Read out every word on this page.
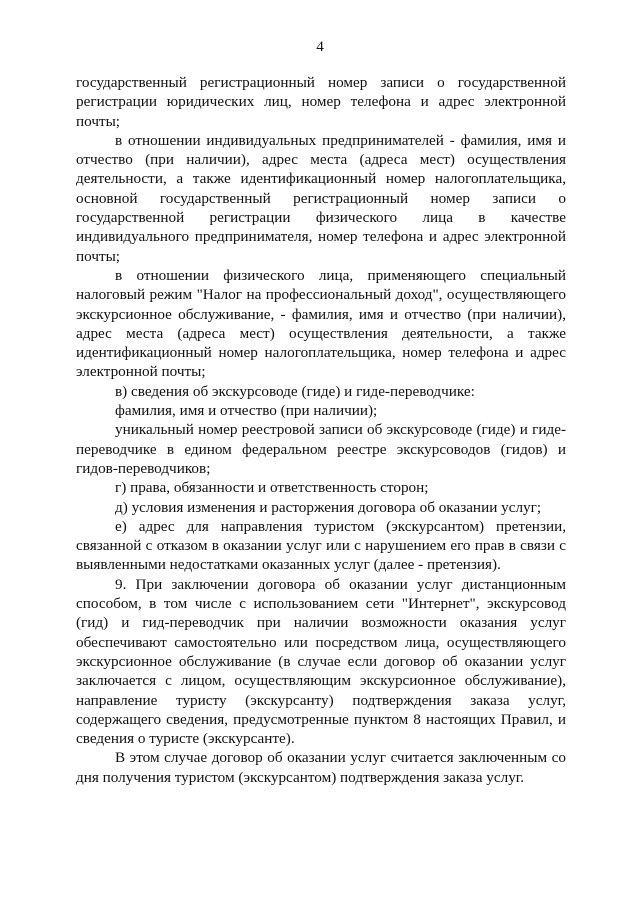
4

государственный регистрационный номер записи о государственной регистрации юридических лиц, номер телефона и адрес электронной почты;

в отношении индивидуальных предпринимателей - фамилия, имя и отчество (при наличии), адрес места (адреса мест) осуществления деятельности, а также идентификационный номер налогоплательщика, основной государственный регистрационный номер записи о государственной регистрации физического лица в качестве индивидуального предпринимателя, номер телефона и адрес электронной почты;

в отношении физического лица, применяющего специальный налоговый режим "Налог на профессиональный доход", осуществляющего экскурсионное обслуживание, - фамилия, имя и отчество (при наличии), адрес места (адреса мест) осуществления деятельности, а также идентификационный номер налогоплательщика, номер телефона и адрес электронной почты;

в) сведения об экскурсоводе (гиде) и гиде-переводчике:

фамилия, имя и отчество (при наличии);

уникальный номер реестровой записи об экскурсоводе (гиде) и гиде-переводчике в едином федеральном реестре экскурсоводов (гидов) и гидов-переводчиков;

г) права, обязанности и ответственность сторон;

д) условия изменения и расторжения договора об оказании услуг;

е) адрес для направления туристом (экскурсантом) претензии, связанной с отказом в оказании услуг или с нарушением его прав в связи с выявленными недостатками оказанных услуг (далее - претензия).

9. При заключении договора об оказании услуг дистанционным способом, в том числе с использованием сети "Интернет", экскурсовод (гид) и гид-переводчик при наличии возможности оказания услуг обеспечивают самостоятельно или посредством лица, осуществляющего экскурсионное обслуживание (в случае если договор об оказании услуг заключается с лицом, осуществляющим экскурсионное обслуживание), направление туристу (экскурсанту) подтверждения заказа услуг, содержащего сведения, предусмотренные пунктом 8 настоящих Правил, и сведения о туристе (экскурсанте).

В этом случае договор об оказании услуг считается заключенным со дня получения туристом (экскурсантом) подтверждения заказа услуг.
